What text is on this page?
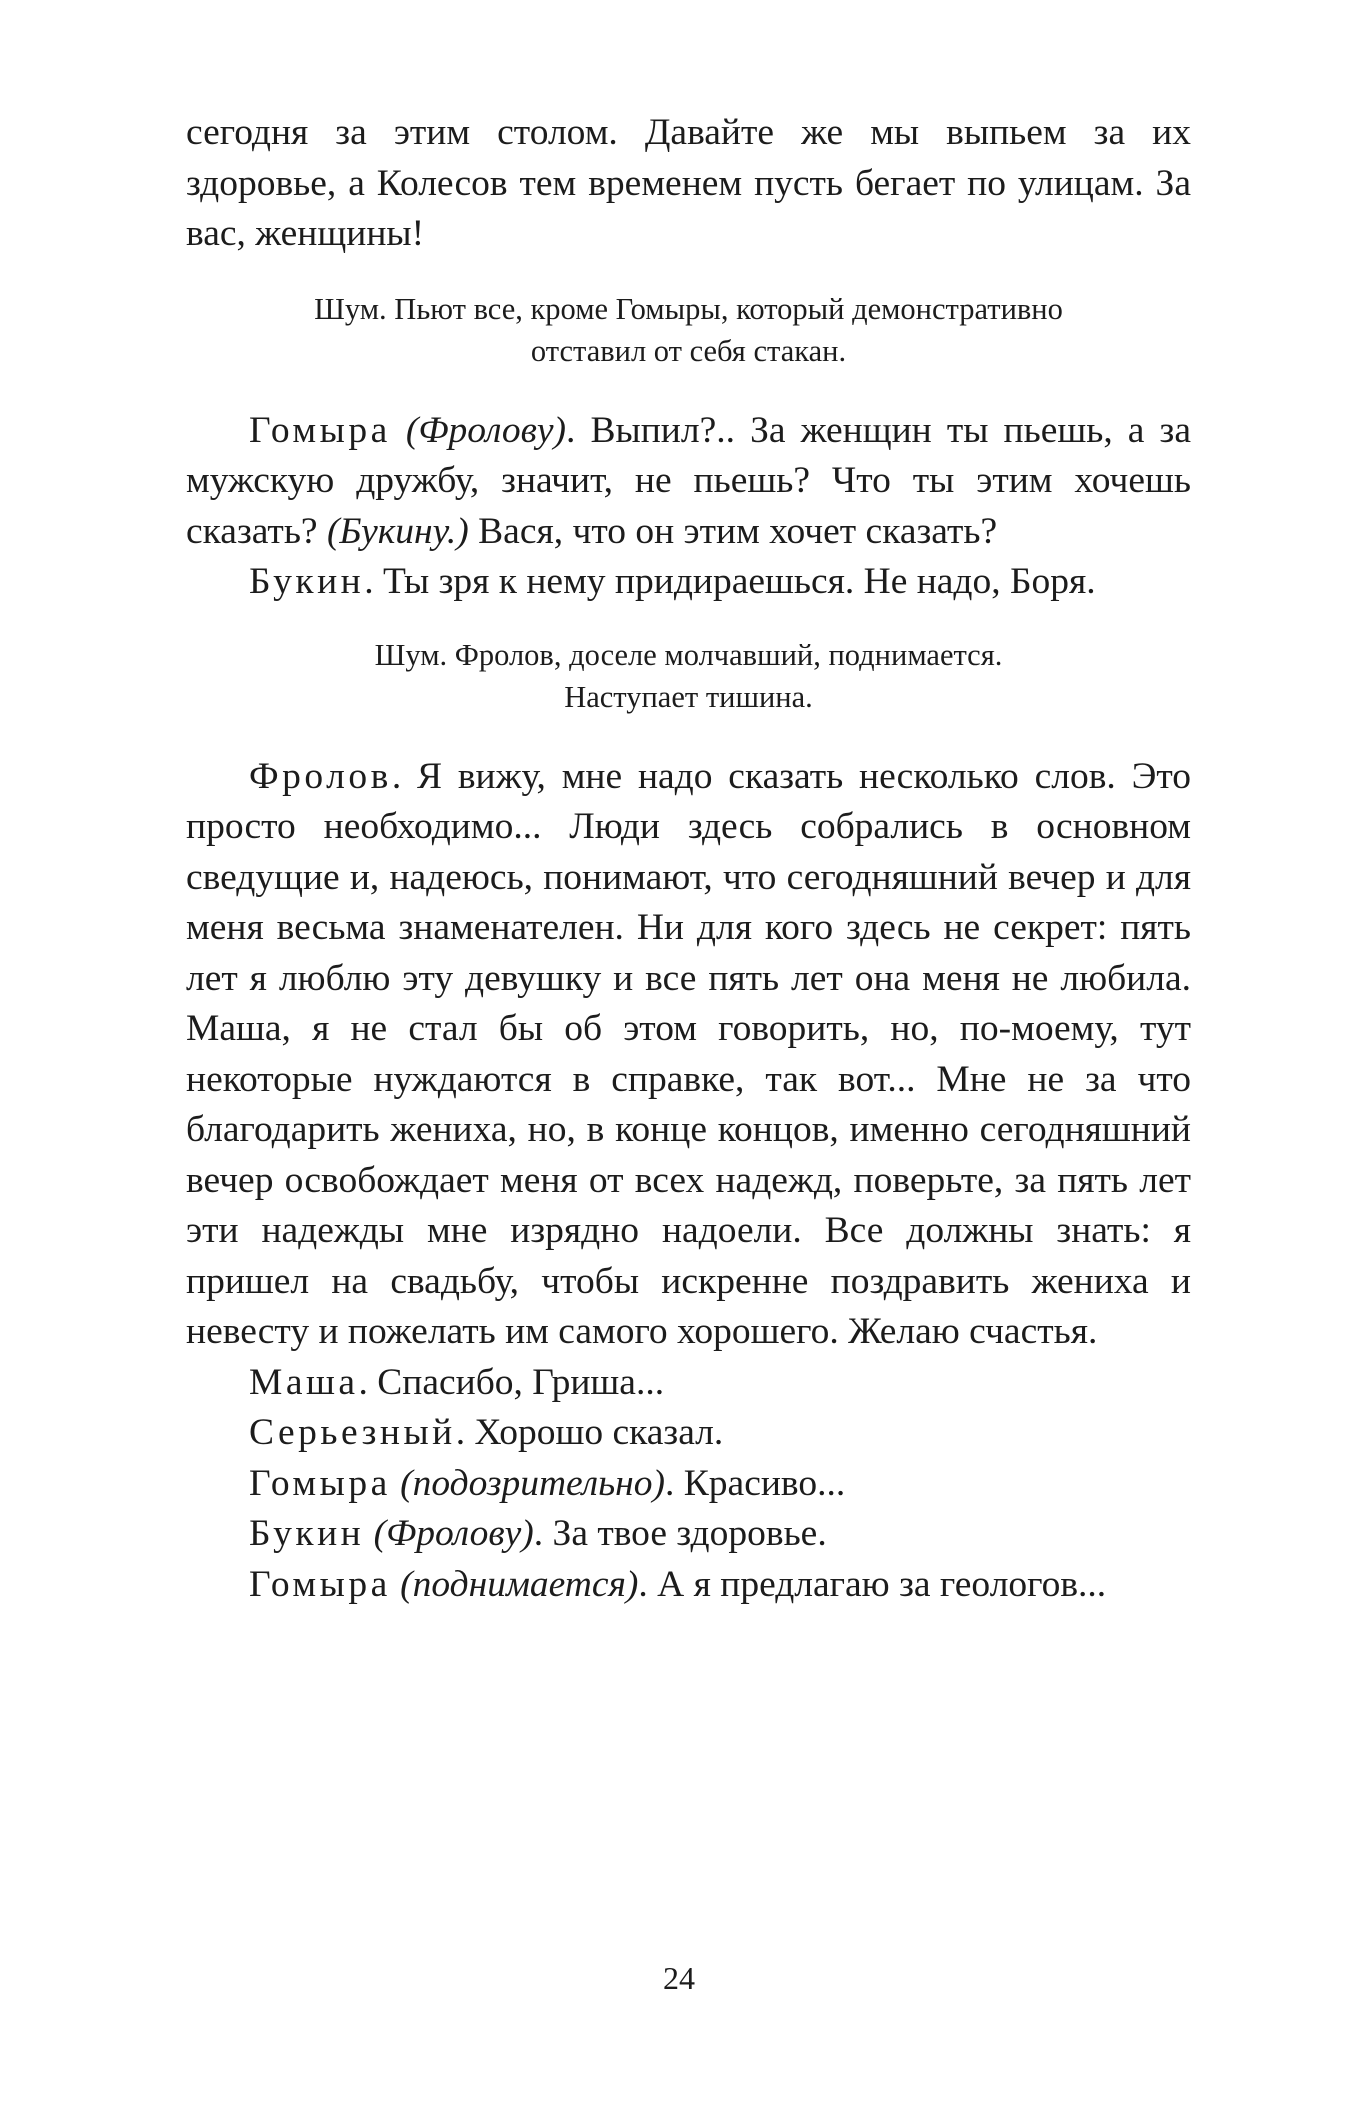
сегодня за этим столом. Давайте же мы выпьем за их здоровье, а Колесов тем временем пусть бегает по улицам. За вас, женщины!

Шум. Пьют все, кроме Гомыры, который демонстративно
отставил от себя стакан.

Гомыра (Фролову). Выпил?.. За женщин ты пьешь, а за мужскую дружбу, значит, не пьешь? Что ты этим хочешь сказать? (Букину.) Вася, что он этим хочет сказать?

Букин. Ты зря к нему придираешься. Не надо, Боря.

Шум. Фролов, доселе молчавший, поднимается.
Наступает тишина.

Фролов. Я вижу, мне надо сказать несколько слов. Это просто необходимо... Люди здесь собрались в основном сведущие и, надеюсь, понимают, что сегодняшний вечер и для меня весьма знаменателен. Ни для кого здесь не секрет: пять лет я люблю эту девушку и все пять лет она меня не любила. Маша, я не стал бы об этом говорить, но, по-моему, тут некоторые нуждаются в справке, так вот... Мне не за что благодарить жениха, но, в конце концов, именно сегодняшний вечер освобождает меня от всех надежд, поверьте, за пять лет эти надежды мне изрядно надоели. Все должны знать: я пришел на свадьбу, чтобы искренне поздравить жениха и невесту и пожелать им самого хорошего. Желаю счастья.

Маша. Спасибо, Гриша...

Серьезный. Хорошо сказал.

Гомыра (подозрительно). Красиво...

Букин (Фролову). За твое здоровье.

Гомыра (поднимается). А я предлагаю за геологов...

24
